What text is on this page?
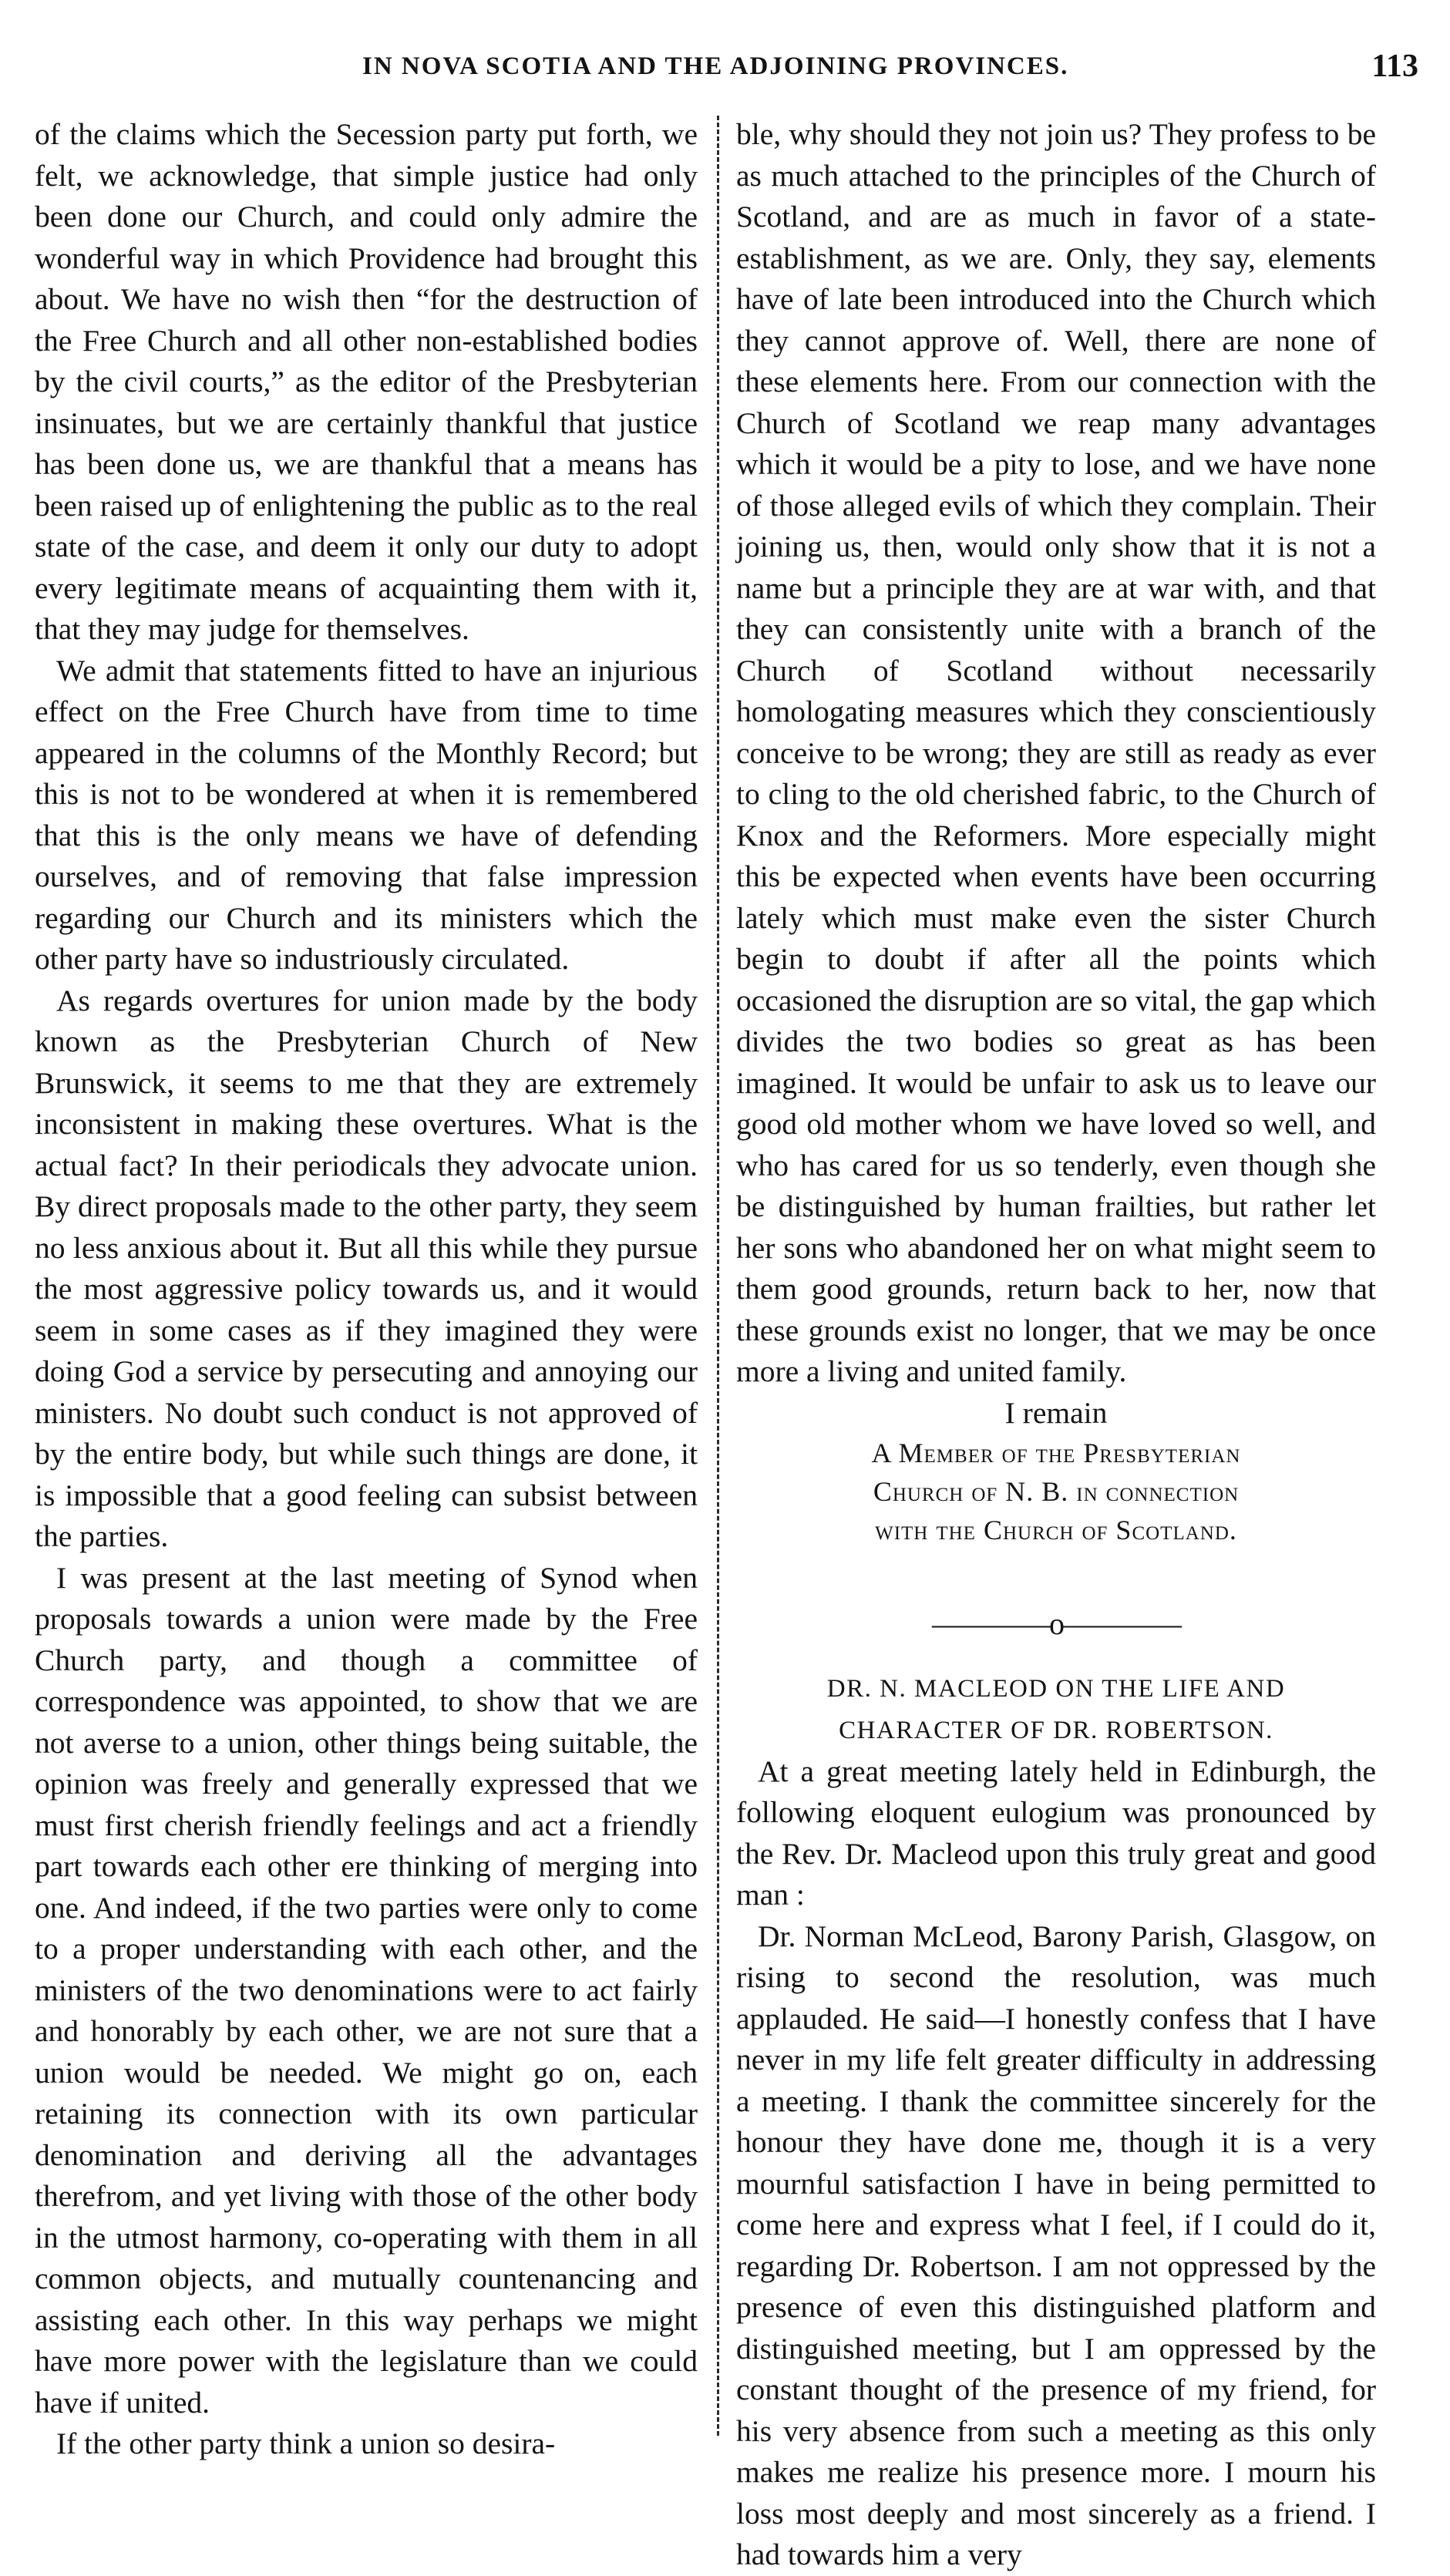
IN NOVA SCOTIA AND THE ADJOINING PROVINCES.	113

of the claims which the Secession party put forth, we felt, we acknowledge, that simple justice had only been done our Church, and could only admire the wonderful way in which Providence had brought this about. We have no wish then “for the destruction of the Free Church and all other non-established bodies by the civil courts,” as the editor of the Presbyterian insinuates, but we are certainly thankful that justice has been done us, we are thankful that a means has been raised up of enlightening the public as to the real state of the case, and deem it only our duty to adopt every legitimate means of acquainting them with it, that they may judge for themselves.

We admit that statements fitted to have an injurious effect on the Free Church have from time to time appeared in the columns of the Monthly Record; but this is not to be wondered at when it is remembered that this is the only means we have of defending ourselves, and of removing that false impression regarding our Church and its ministers which the other party have so industriously circulated.

As regards overtures for union made by the body known as the Presbyterian Church of New Brunswick, it seems to me that they are extremely inconsistent in making these overtures. What is the actual fact? In their periodicals they advocate union. By direct proposals made to the other party, they seem no less anxious about it. But all this while they pursue the most aggressive policy towards us, and it would seem in some cases as if they imagined they were doing God a service by persecuting and annoying our ministers. No doubt such conduct is not approved of by the entire body, but while such things are done, it is impossible that a good feeling can subsist between the parties.

I was present at the last meeting of Synod when proposals towards a union were made by the Free Church party, and though a committee of correspondence was appointed, to show that we are not averse to a union, other things being suitable, the opinion was freely and generally expressed that we must first cherish friendly feelings and act a friendly part towards each other ere thinking of merging into one. And indeed, if the two parties were only to come to a proper understanding with each other, and the ministers of the two denominations were to act fairly and honorably by each other, we are not sure that a union would be needed. We might go on, each retaining its connection with its own particular denomination and deriving all the advantages therefrom, and yet living with those of the other body in the utmost harmony, co-operating with them in all common objects, and mutually countenancing and assisting each other. In this way perhaps we might have more power with the legislature than we could have if united.

If the other party think a union so desira-

ble, why should they not join us? They profess to be as much attached to the principles of the Church of Scotland, and are as much in favor of a state-establishment, as we are. Only, they say, elements have of late been introduced into the Church which they cannot approve of. Well, there are none of these elements here. From our connection with the Church of Scotland we reap many advantages which it would be a pity to lose, and we have none of those alleged evils of which they complain. Their joining us, then, would only show that it is not a name but a principle they are at war with, and that they can consistently unite with a branch of the Church of Scotland without necessarily homologating measures which they conscientiously conceive to be wrong; they are still as ready as ever to cling to the old cherished fabric, to the Church of Knox and the Reformers. More especially might this be expected when events have been occurring lately which must make even the sister Church begin to doubt if after all the points which occasioned the disruption are so vital, the gap which divides the two bodies so great as has been imagined. It would be unfair to ask us to leave our good old mother whom we have loved so well, and who has cared for us so tenderly, even though she be distinguished by human frailties, but rather let her sons who abandoned her on what might seem to them good grounds, return back to her, now that these grounds exist no longer, that we may be once more a living and united family.

I remain

A Member of the Presbyterian
Church of N. B. in connection
with the Church of Scotland.

————o————

DR. N. MACLEOD ON THE LIFE AND
CHARACTER OF DR. ROBERTSON.

At a great meeting lately held in Edinburgh, the following eloquent eulogium was pronounced by the Rev. Dr. Macleod upon this truly great and good man :

Dr. Norman McLeod, Barony Parish, Glasgow, on rising to second the resolution, was much applauded. He said—I honestly confess that I have never in my life felt greater difficulty in addressing a meeting. I thank the committee sincerely for the honour they have done me, though it is a very mournful satisfaction I have in being permitted to come here and express what I feel, if I could do it, regarding Dr. Robertson. I am not oppressed by the presence of even this distinguished platform and distinguished meeting, but I am oppressed by the constant thought of the presence of my friend, for his very absence from such a meeting as this only makes me realize his presence more. I mourn his loss most deeply and most sincerely as a friend. I had towards him a very
